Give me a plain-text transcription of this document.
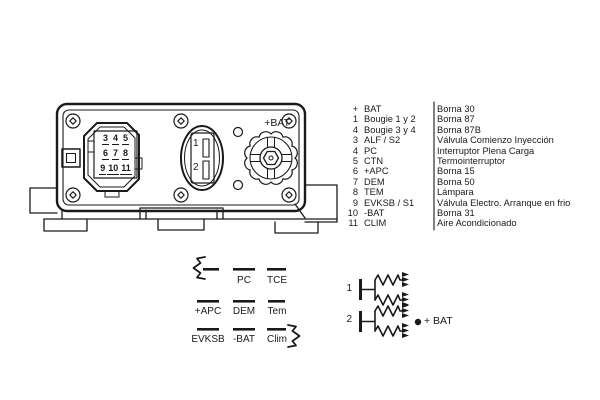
3 4 5
6 7 8
9 10 11
1
2
+BAT
+ BAT	Borna 30
1 Bougie 1 y 2 Borna 87
4 Bougie 3 y 4 Borna 87B
3 ALF / S2	Válvula Comienzo Inyección
4 PC	Interruptor Plena Carga
5 CTN	Termointerruptor
6 +APC	Borna 15
7 DEM	Borna 50
8 TEM	Lámpara
9 EVKSB / S1 Válvula Electro. Arranque en frio
10 -BAT	Borna 31
11 CLIM	Aire Acondicionado
PC	TCE
+APC	DEM	Tem
EVKSB -BAT	Clim
1
2	+ BAT
